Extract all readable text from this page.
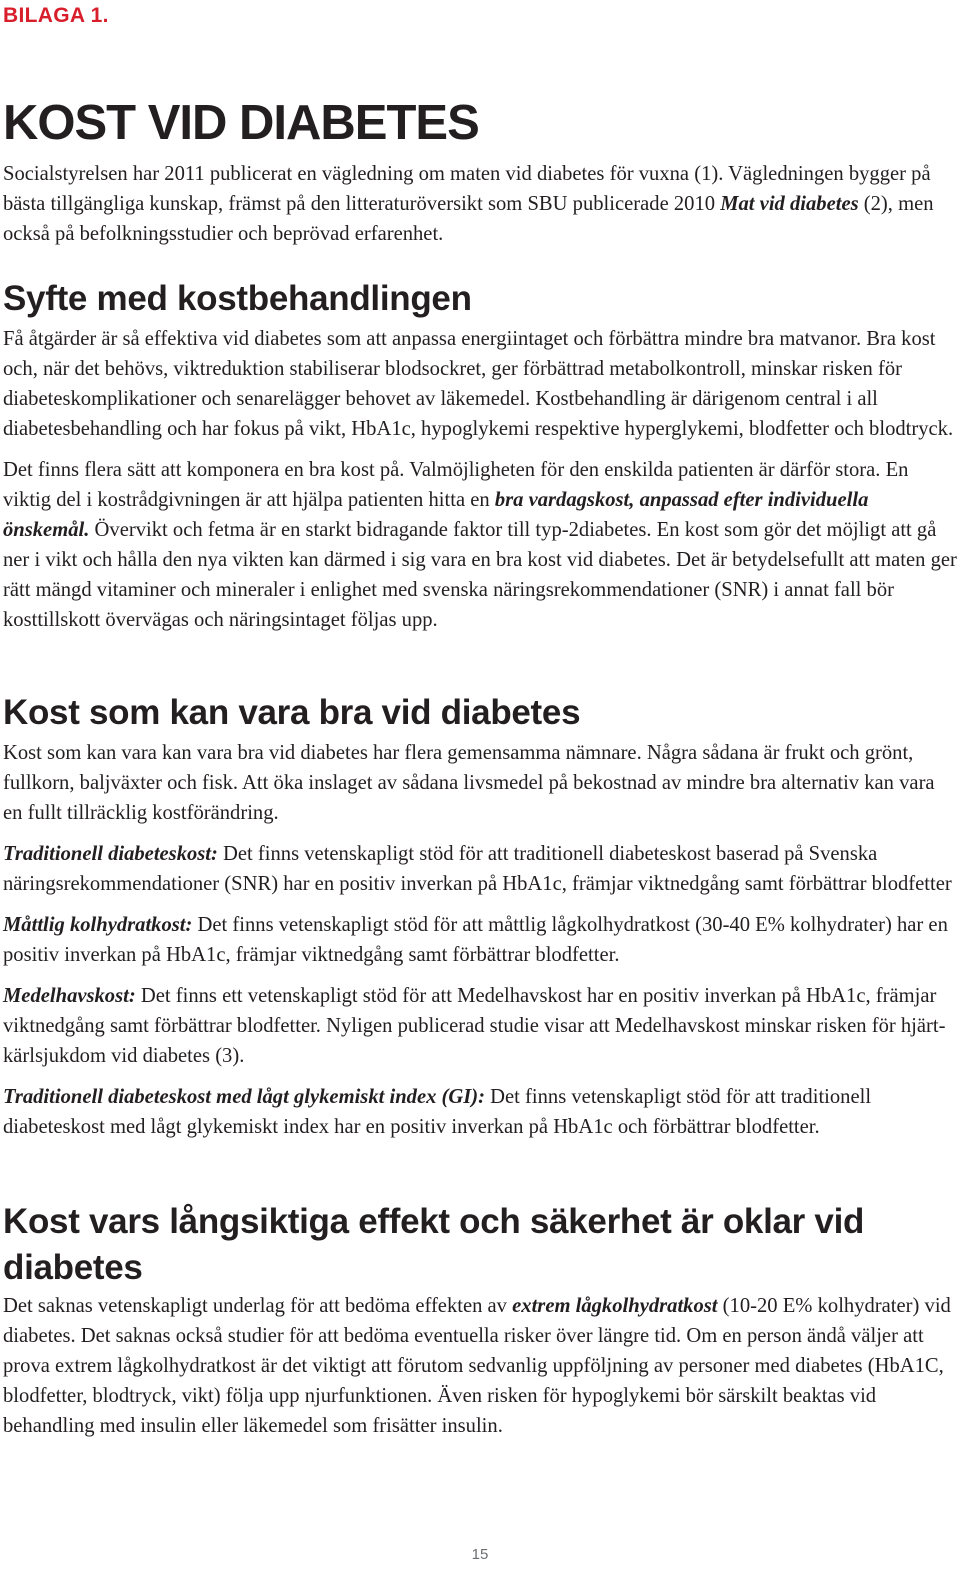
BILAGA 1.
KOST VID DIABETES

Socialstyrelsen har 2011 publicerat en vägledning om maten vid diabetes för vuxna (1). Vägledningen bygger på bästa tillgängliga kunskap, främst på den litteraturöversikt som SBU publicerade 2010 Mat vid diabetes (2), men också på befolkningsstudier och beprövad erfarenhet.

Syfte med kostbehandlingen

Få åtgärder är så effektiva vid diabetes som att anpassa energiintaget och förbättra mindre bra matvanor. Bra kost och, när det behövs, viktreduktion stabiliserar blodsockret, ger förbättrad metabolkontroll, minskar risken för diabeteskomplikationer och senarelägger behovet av läkemedel. Kostbehandling är därigenom central i all diabetesbehandling och har fokus på vikt, HbA1c, hypoglykemi respektive hyperglykemi, blodfetter och blodtryck.

Det finns flera sätt att komponera en bra kost på. Valmöjligheten för den enskilda patienten är därför stora. En viktig del i kostrådgivningen är att hjälpa patienten hitta en bra vardagskost, anpassad efter individuella önskemål. Övervikt och fetma är en starkt bidragande faktor till typ-2diabetes. En kost som gör det möjligt att gå ner i vikt och hålla den nya vikten kan därmed i sig vara en bra kost vid diabetes. Det är betydelsefullt att maten ger rätt mängd vitaminer och mineraler i enlighet med svenska näringsrekommendationer (SNR) i annat fall bör kosttillskott övervägas och näringsintaget följas upp.

Kost som kan vara bra vid diabetes

Kost som kan vara kan vara bra vid diabetes har flera gemensamma nämnare. Några sådana är frukt och grönt, fullkorn, baljväxter och fisk. Att öka inslaget av sådana livsmedel på bekostnad av mindre bra alternativ kan vara en fullt tillräcklig kostförändring.

Traditionell diabeteskost: Det finns vetenskapligt stöd för att traditionell diabeteskost baserad på Svenska näringsrekommendationer (SNR) har en positiv inverkan på HbA1c, främjar viktnedgång samt förbättrar blodfetter

Måttlig kolhydratkost: Det finns vetenskapligt stöd för att måttlig lågkolhydratkost (30-40 E% kolhydrater) har en positiv inverkan på HbA1c, främjar viktnedgång samt förbättrar blodfetter.

Medelhavskost: Det finns ett vetenskapligt stöd för att Medelhavskost har en positiv inverkan på HbA1c, främjar viktnedgång samt förbättrar blodfetter. Nyligen publicerad studie visar att Medelhavskost minskar risken för hjärt- kärlsjukdom vid diabetes (3).

Traditionell diabeteskost med lågt glykemiskt index (GI): Det finns vetenskapligt stöd för att traditionell diabeteskost med lågt glykemiskt index har en positiv inverkan på HbA1c och förbättrar blodfetter.

Kost vars långsiktiga effekt och säkerhet är oklar vid diabetes

Det saknas vetenskapligt underlag för att bedöma effekten av extrem lågkolhydratkost (10-20 E% kolhydrater) vid diabetes. Det saknas också studier för att bedöma eventuella risker över längre tid. Om en person ändå väljer att prova extrem lågkolhydratkost är det viktigt att förutom sedvanlig uppföljning av personer med diabetes (HbA1C, blodfetter, blodtryck, vikt) följa upp njurfunktionen. Även risken för hypoglykemi bör särskilt beaktas vid behandling med insulin eller läkemedel som frisätter insulin.

15
